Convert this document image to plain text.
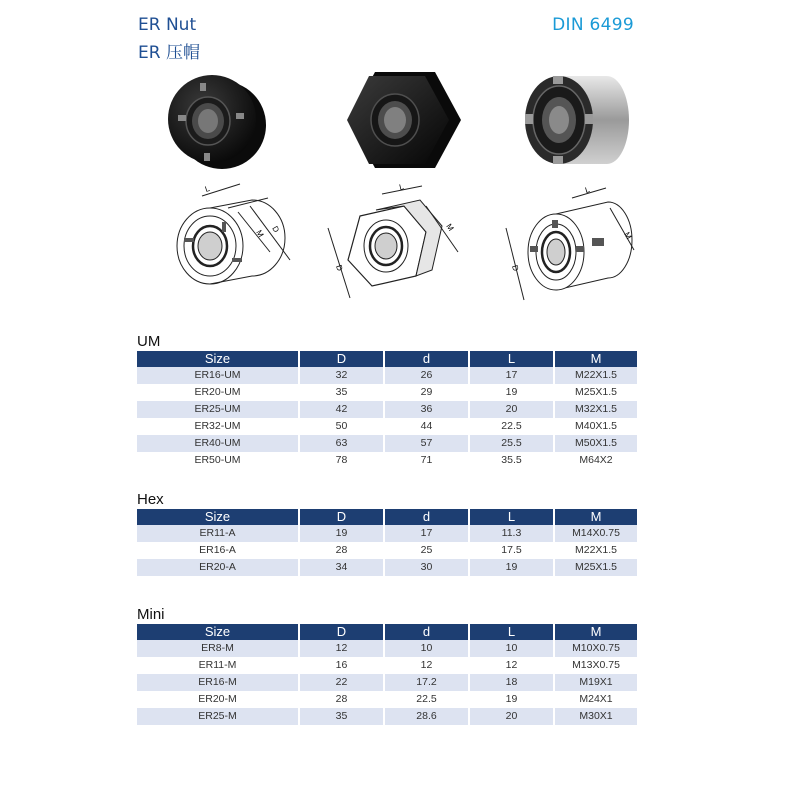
ER Nut
ER 压帽
DIN 6499
L
M D
L
D
M
L
D
M
UM
Size	D	d	L	M
ER16-UM	32	26	17	M22X1.5
ER20-UM	35	29	19	M25X1.5
ER25-UM	42	36	20	M32X1.5
ER32-UM	50	44	22.5	M40X1.5
ER40-UM	63	57	25.5	M50X1.5
ER50-UM	78	71	35.5	M64X2
Hex
Size	D	d	L	M
ER11-A	19	17	11.3	M14X0.75
ER16-A	28	25	17.5	M22X1.5
ER20-A	34	30	19	M25X1.5
Mini
Size	D	d	L	M
ER8-M	12	10	10	M10X0.75
ER11-M	16	12	12	M13X0.75
ER16-M	22	17.2	18	M19X1
ER20-M	28	22.5	19	M24X1
ER25-M	35	28.6	20	M30X1
